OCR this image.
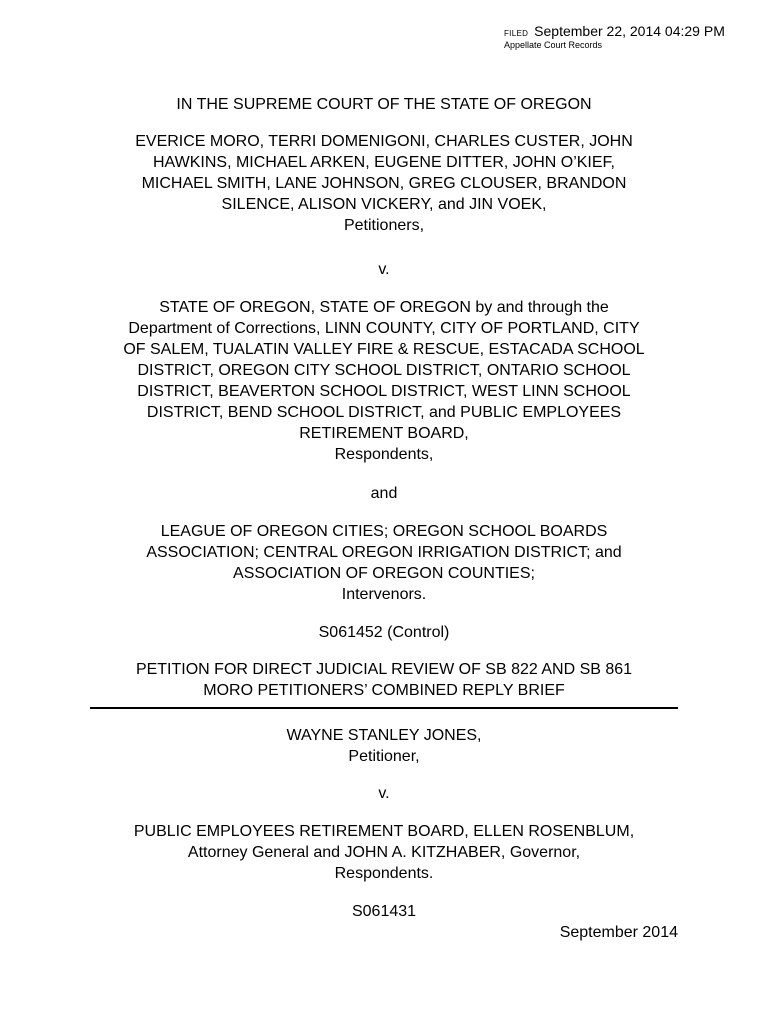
FILED September 22, 2014 04:29 PM
Appellate Court Records
IN THE SUPREME COURT OF THE STATE OF OREGON
EVERICE MORO, TERRI DOMENIGONI, CHARLES CUSTER, JOHN
HAWKINS, MICHAEL ARKEN, EUGENE DITTER, JOHN O’KIEF,
MICHAEL SMITH, LANE JOHNSON, GREG CLOUSER, BRANDON
SILENCE, ALISON VICKERY, and JIN VOEK,
Petitioners,
v.
STATE OF OREGON, STATE OF OREGON by and through the
Department of Corrections, LINN COUNTY, CITY OF PORTLAND, CITY
OF SALEM, TUALATIN VALLEY FIRE & RESCUE, ESTACADA SCHOOL
DISTRICT, OREGON CITY SCHOOL DISTRICT, ONTARIO SCHOOL
DISTRICT, BEAVERTON SCHOOL DISTRICT, WEST LINN SCHOOL
DISTRICT, BEND SCHOOL DISTRICT, and PUBLIC EMPLOYEES
RETIREMENT BOARD,
Respondents,
and
LEAGUE OF OREGON CITIES; OREGON SCHOOL BOARDS
ASSOCIATION; CENTRAL OREGON IRRIGATION DISTRICT; and
ASSOCIATION OF OREGON COUNTIES;
Intervenors.
S061452 (Control)
PETITION FOR DIRECT JUDICIAL REVIEW OF SB 822 AND SB 861
MORO PETITIONERS’ COMBINED REPLY BRIEF
WAYNE STANLEY JONES,
Petitioner,
v.
PUBLIC EMPLOYEES RETIREMENT BOARD, ELLEN ROSENBLUM,
Attorney General and JOHN A. KITZHABER, Governor,
Respondents.
S061431
September 2014
